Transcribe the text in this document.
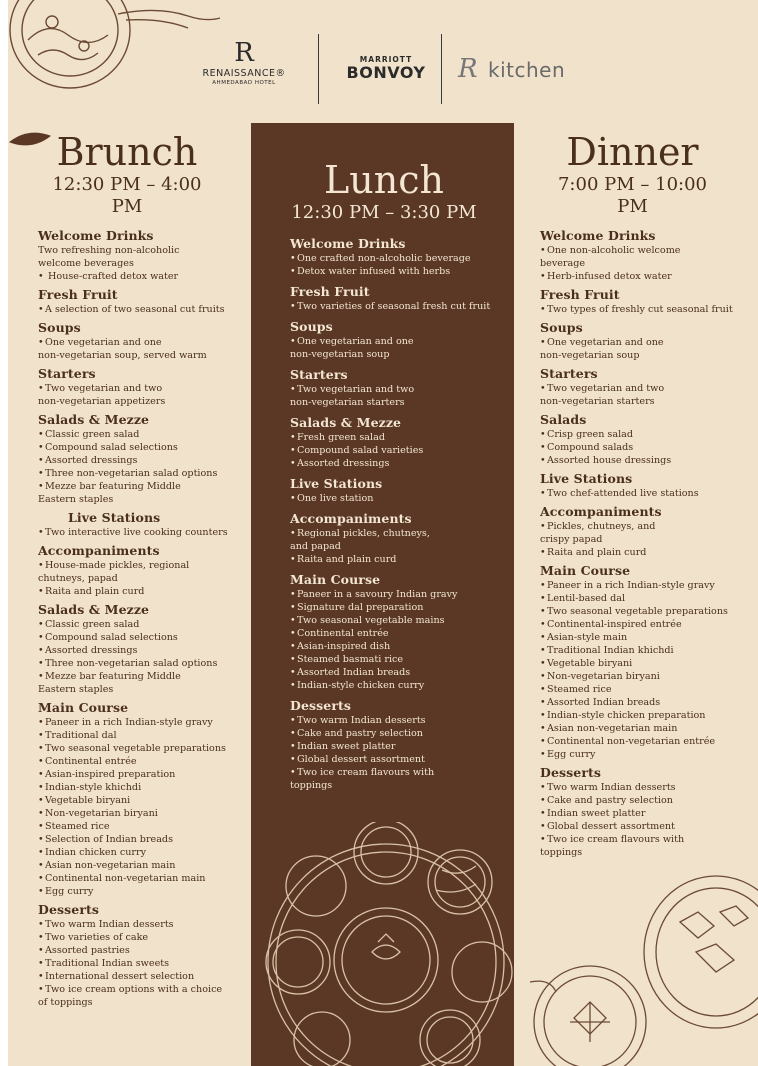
R
RENAISSANCE®
AHMEDABAD HOTEL
MARRIOTT
BONVOY R kitchen
Brunch
12:30 PM – 4:00 PM
Welcome Drinks
Two refreshing non-alcoholic
welcome beverages
• House-crafted detox water
Fresh Fruit
•A selection of two seasonal cut fruits
Soups
•One vegetarian and one
non-vegetarian soup, served warm
Starters
•Two vegetarian and two
non-vegetarian appetizers
Salads & Mezze
•Classic green salad
•Compound salad selections
•Assorted dressings
•Three non-vegetarian salad options
•Mezze bar featuring Middle
Eastern staples
Live Stations
•Two interactive live cooking counters
Accompaniments
•House-made pickles, regional
chutneys, papad
•Raita and plain curd
Salads & Mezze
•Classic green salad
•Compound salad selections
•Assorted dressings
•Three non-vegetarian salad options
•Mezze bar featuring Middle
Eastern staples
Main Course
•Paneer in a rich Indian-style gravy
•Traditional dal
•Two seasonal vegetable preparations
•Continental entrée
•Asian-inspired preparation
•Indian-style khichdi
•Vegetable biryani
•Non-vegetarian biryani
•Steamed rice
•Selection of Indian breads
•Indian chicken curry
•Asian non-vegetarian main
•Continental non-vegetarian main
•Egg curry
Desserts
•Two warm Indian desserts
•Two varieties of cake
•Assorted pastries
•Traditional Indian sweets
•International dessert selection
•Two ice cream options with a choice
of toppings
Lunch
12:30 PM – 3:30 PM
Welcome Drinks
•One crafted non-alcoholic beverage
•Detox water infused with herbs
Fresh Fruit
•Two varieties of seasonal fresh cut fruit
Soups
•One vegetarian and one
non-vegetarian soup
Starters
•Two vegetarian and two
non-vegetarian starters
Salads & Mezze
•Fresh green salad
•Compound salad varieties
•Assorted dressings
Live Stations
•One live station
Accompaniments
•Regional pickles, chutneys,
and papad
•Raita and plain curd
Main Course
•Paneer in a savoury Indian gravy
•Signature dal preparation
•Two seasonal vegetable mains
•Continental entrée
•Asian-inspired dish
•Steamed basmati rice
•Assorted Indian breads
•Indian-style chicken curry
Desserts
•Two warm Indian desserts
•Cake and pastry selection
•Indian sweet platter
•Global dessert assortment
•Two ice cream flavours with
toppings
Dinner
7:00 PM – 10:00 PM
Welcome Drinks
•One non-alcoholic welcome
beverage
•Herb-infused detox water
Fresh Fruit
•Two types of freshly cut seasonal fruit
Soups
•One vegetarian and one
non-vegetarian soup
Starters
•Two vegetarian and two
non-vegetarian starters
Salads
•Crisp green salad
•Compound salads
•Assorted house dressings
Live Stations
•Two chef-attended live stations
Accompaniments
•Pickles, chutneys, and
crispy papad
•Raita and plain curd
Main Course
•Paneer in a rich Indian-style gravy
•Lentil-based dal
•Two seasonal vegetable preparations
•Continental-inspired entrée
•Asian-style main
•Traditional Indian khichdi
•Vegetable biryani
•Non-vegetarian biryani
•Steamed rice
•Assorted Indian breads
•Indian-style chicken preparation
•Asian non-vegetarian main
•Continental non-vegetarian entrée
•Egg curry
Desserts
•Two warm Indian desserts
•Cake and pastry selection
•Indian sweet platter
•Global dessert assortment
•Two ice cream flavours with
toppings
